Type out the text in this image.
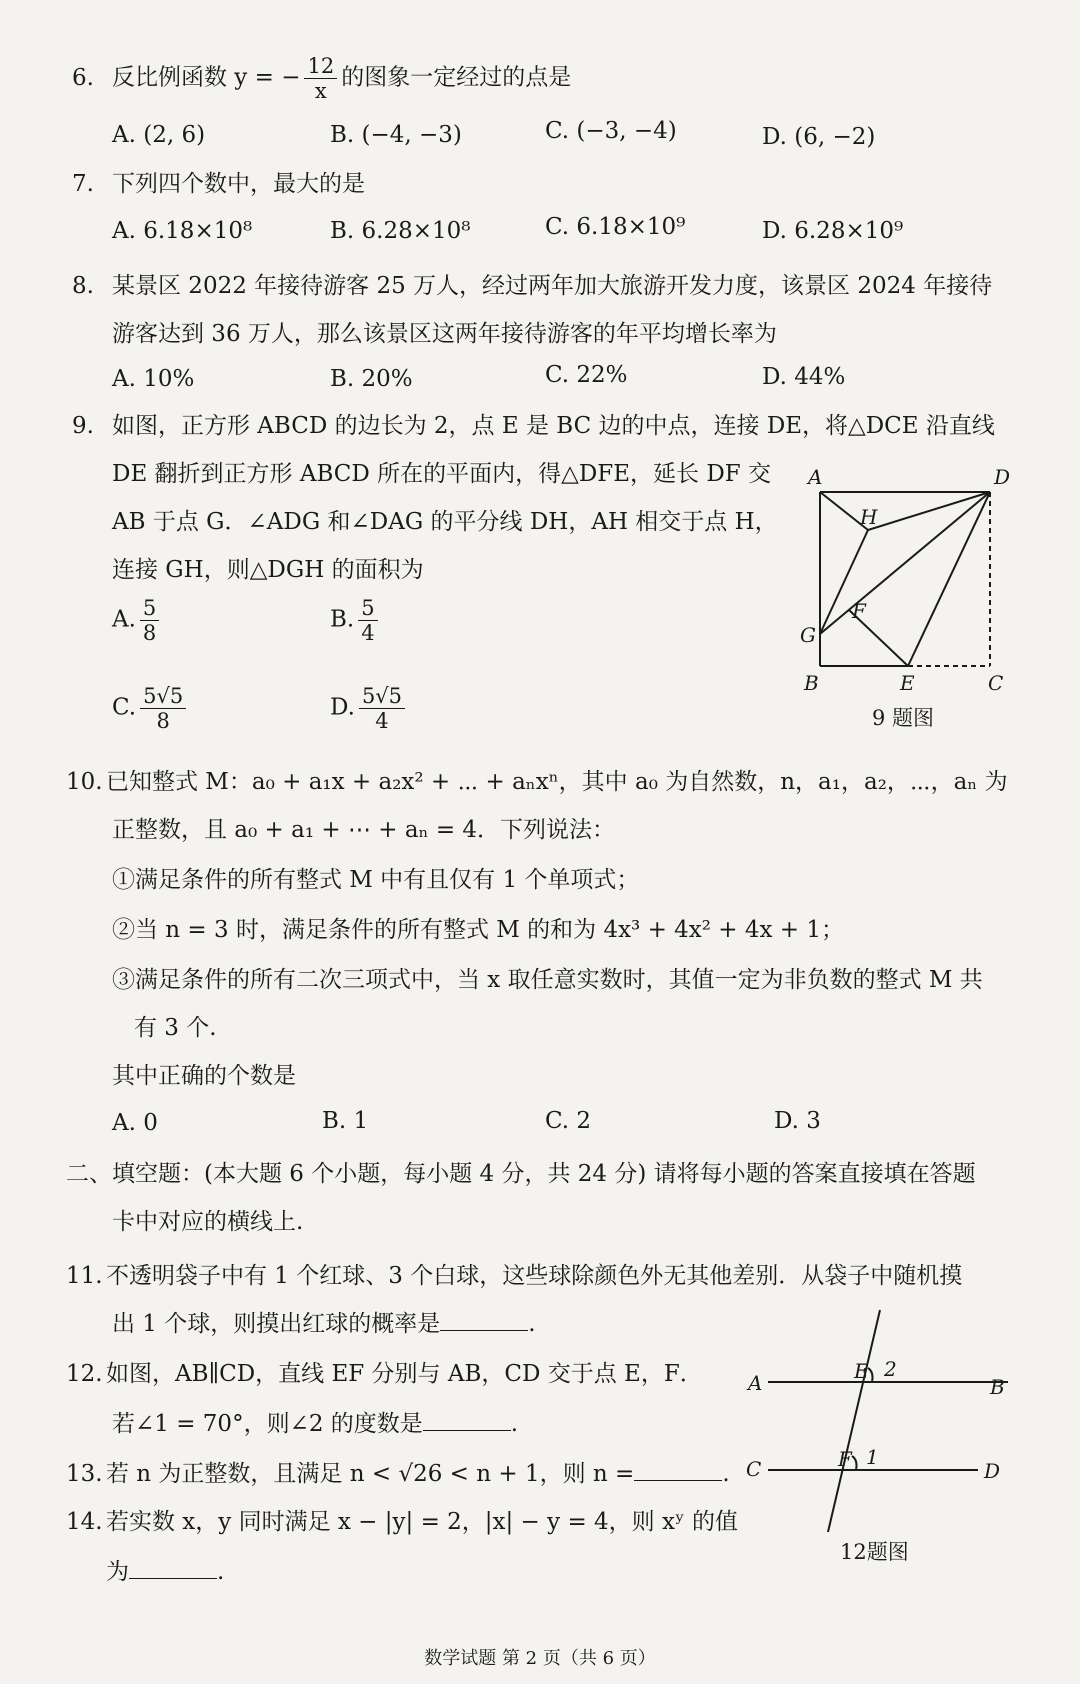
6. 反比例函数 y = − $\frac{12}{x}$ 的图象一定经过的点是
A. (2, 6)	B. (−4, −3)	C. (−3, −4)	D. (6, −2)
7. 下列四个数中，最大的是
A. 6.18×10⁸	B. 6.28×10⁸	C. 6.18×10⁹	D. 6.28×10⁹
8. 某景区 2022 年接待游客 25 万人，经过两年加大旅游开发力度，该景区 2024 年接待
游客达到 36 万人，那么该景区这两年接待游客的年平均增长率为
A. 10%	B. 20%	C. 22%	D. 44%
9. 如图，正方形 ABCD 的边长为 2，点 E 是 BC 边的中点，连接 DE，将△DCE 沿直线
DE 翻折到正方形 ABCD 所在的平面内，得△DFE，延长 DF 交
AB 于点 G．∠ADG 和∠DAG 的平分线 DH，AH 相交于点 H，
连接 GH，则△DGH 的面积为
A. $\frac{5}{8}$	B. $\frac{5}{4}$
C. $\frac{5√5}{8}$	D. $\frac{5√5}{4}$
A	D
B	E	C
G
F
H
9 题图
10. 已知整式 M：a₀ + a₁x + a₂x² + ⋯ + aₙxⁿ，其中 a₀ 为自然数，n，a₁，a₂，⋯，aₙ 为
正整数，且 a₀ + a₁ + ⋯ + aₙ = 4．下列说法：
①满足条件的所有整式 M 中有且仅有 1 个单项式；
②当 n = 3 时，满足条件的所有整式 M 的和为 4x³ + 4x² + 4x + 1；
③满足条件的所有二次三项式中，当 x 取任意实数时，其值一定为非负数的整式 M 共
有 3 个.
其中正确的个数是
A. 0	B. 1	C. 2	D. 3
二、填空题：(本大题 6 个小题，每小题 4 分，共 24 分) 请将每小题的答案直接填在答题
卡中对应的横线上.
11. 不透明袋子中有 1 个红球、3 个白球，这些球除颜色外无其他差别．从袋子中随机摸
出 1 个球，则摸出红球的概率是	.
12. 如图，AB∥CD，直线 EF 分别与 AB，CD 交于点 E，F．
若∠1 = 70°，则∠2 的度数是	.
A	B
C	D
E
F
2
1
12题图
13. 若 n 为正整数，且满足 n < √26 < n + 1，则 n =	.
14. 若实数 x，y 同时满足 x − |y| = 2，|x| − y = 4，则 xʸ 的值
为	.
数学试题 第 2 页（共 6 页）
